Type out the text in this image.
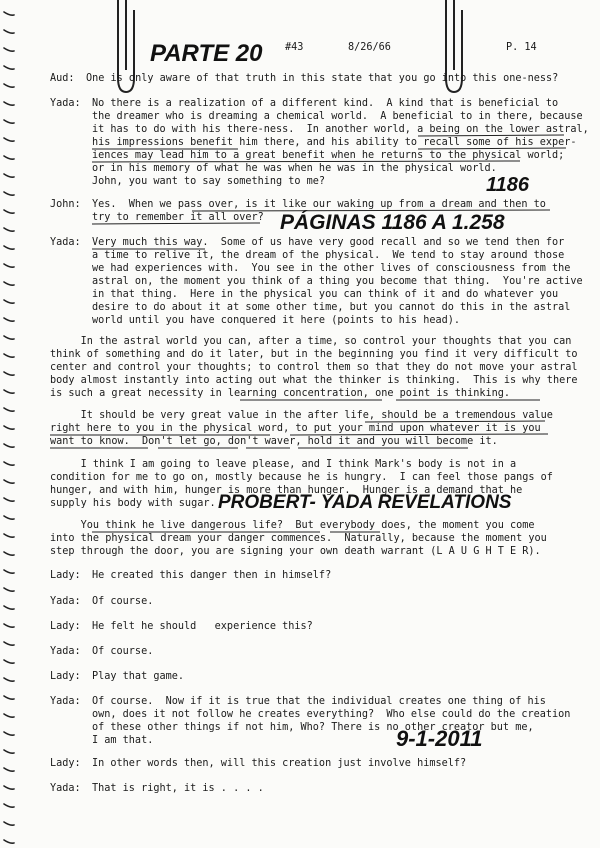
PARTE 20 #43	8/26/66	P. 14
Aud: One is only aware of that truth in this state that you go into this one-ness?
Yada: No there is a realization of a different kind.  A kind that is beneficial to
the dreamer who is dreaming a chemical world.  A beneficial to in there, because
it has to do with his there-ness.  In another world, a being on the lower astral,
his impressions benefit him there, and his ability to recall some of his exper-
iences may lead him to a great benefit when he returns to the physical world;
or in his memory of what he was when he was in the physical world.
John, you want to say something to me?	1186
John: Yes.  When we pass over, is it like our waking up from a dream and then to
try to remember it all over? PÁGINAS 1186 A 1.258
Yada: Very much this way.  Some of us have very good recall and so we tend then for
a time to relive it, the dream of the physical.  We tend to stay around those
we had experiences with.  You see in the other lives of consciousness from the
astral on, the moment you think of a thing you become that thing.  You're active
in that thing.  Here in the physical you can think of it and do whatever you
desire to do about it at some other time, but you cannot do this in the astral
world until you have conquered it here (points to his head).
In the astral world you can, after a time, so control your thoughts that you can
think of something and do it later, but in the beginning you find it very difficult to
center and control your thoughts; to control them so that they do not move your astral
body almost instantly into acting out what the thinker is thinking.  This is why there
is such a great necessity in learning concentration, one point is thinking.
It should be very great value in the after life, should be a tremendous value
right here to you in the physical word, to put your mind upon whatever it is you
want to know.  Don't let go, don't waver, hold it and you will become it.
I think I am going to leave please, and I think Mark's body is not in a
condition for me to go on, mostly because he is hungry.  I can feel those pangs of
hunger, and with him, hunger is more than hunger.  Hunger is a demand that he
supply his body with sugar. PROBERT- YADA REVELATIONS
You think he live dangerous life?  But everybody does, the moment you come
into the physical dream your danger commences.  Naturally, because the moment you
step through the door, you are signing your own death warrant (L A U G H T E R).
Lady: He created this danger then in himself?
Yada: Of course.
Lady: He felt he should   experience this?
Yada: Of course.
Lady: Play that game.
Yada: Of course.  Now if it is true that the individual creates one thing of his
own, does it not follow he creates everything?  Who else could do the creation
of these other things if not him, Who? There is no other creator but me,
I am that.	9-1-2011
Lady: In other words then, will this creation just involve himself?
Yada: That is right, it is . . . .
